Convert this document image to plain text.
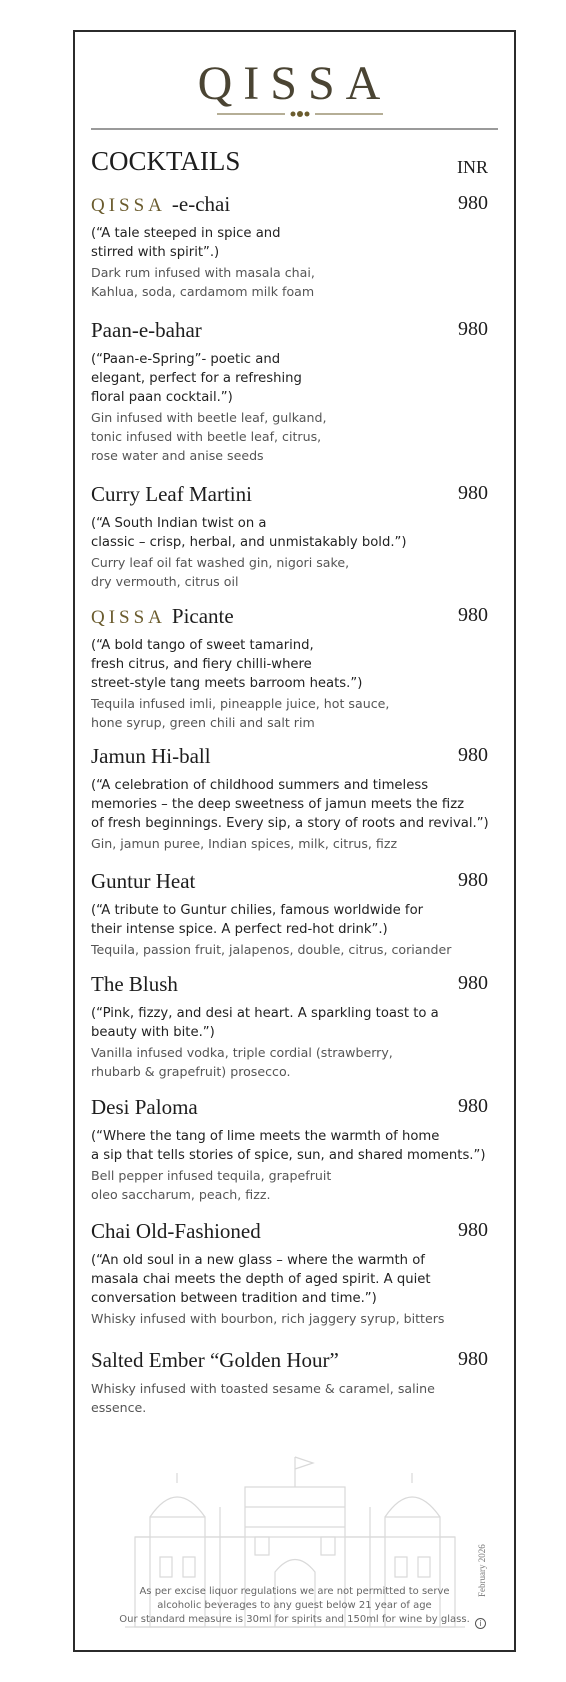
QISSA
COCKTAILS	INR
QISSA -e-chai	980
(“A tale steeped in spice and
stirred with spirit”.)
Dark rum infused with masala chai,
Kahlua, soda, cardamom milk foam
Paan-e-bahar	980
(“Paan-e-Spring”- poetic and
elegant, perfect for a refreshing
floral paan cocktail.”)
Gin infused with beetle leaf, gulkand,
tonic infused with beetle leaf, citrus,
rose water and anise seeds
Curry Leaf Martini	980
(“A South Indian twist on a
classic – crisp, herbal, and unmistakably bold.”)
Curry leaf oil fat washed gin, nigori sake,
dry vermouth, citrus oil
QISSA Picante	980
(“A bold tango of sweet tamarind,
fresh citrus, and fiery chilli-where
street-style tang meets barroom heats.”)
Tequila infused imli, pineapple juice, hot sauce,
hone syrup, green chili and salt rim
Jamun Hi-ball	980
(“A celebration of childhood summers and timeless
memories – the deep sweetness of jamun meets the fizz
of fresh beginnings. Every sip, a story of roots and revival.”)
Gin, jamun puree, Indian spices, milk, citrus, fizz
Guntur Heat	980
(“A tribute to Guntur chilies, famous worldwide for
their intense spice. A perfect red-hot drink”.)
Tequila, passion fruit, jalapenos, double, citrus, coriander
The Blush	980
(“Pink, fizzy, and desi at heart. A sparkling toast to a
beauty with bite.”)
Vanilla infused vodka, triple cordial (strawberry,
rhubarb & grapefruit) prosecco.
Desi Paloma	980
(“Where the tang of lime meets the warmth of home
a sip that tells stories of spice, sun, and shared moments.”)
Bell pepper infused tequila, grapefruit
oleo saccharum, peach, fizz.
Chai Old-Fashioned	980
(“An old soul in a new glass – where the warmth of
masala chai meets the depth of aged spirit. A quiet
conversation between tradition and time.”)
Whisky infused with bourbon, rich jaggery syrup, bitters
Salted Ember “Golden Hour”	980
Whisky infused with toasted sesame & caramel, saline
essence.
As per excise liquor regulations we are not permitted to serve
alcoholic beverages to any guest below 21 year of age
Our standard measure is 30ml for spirits and 150ml for wine by glass.
February 2026
i
